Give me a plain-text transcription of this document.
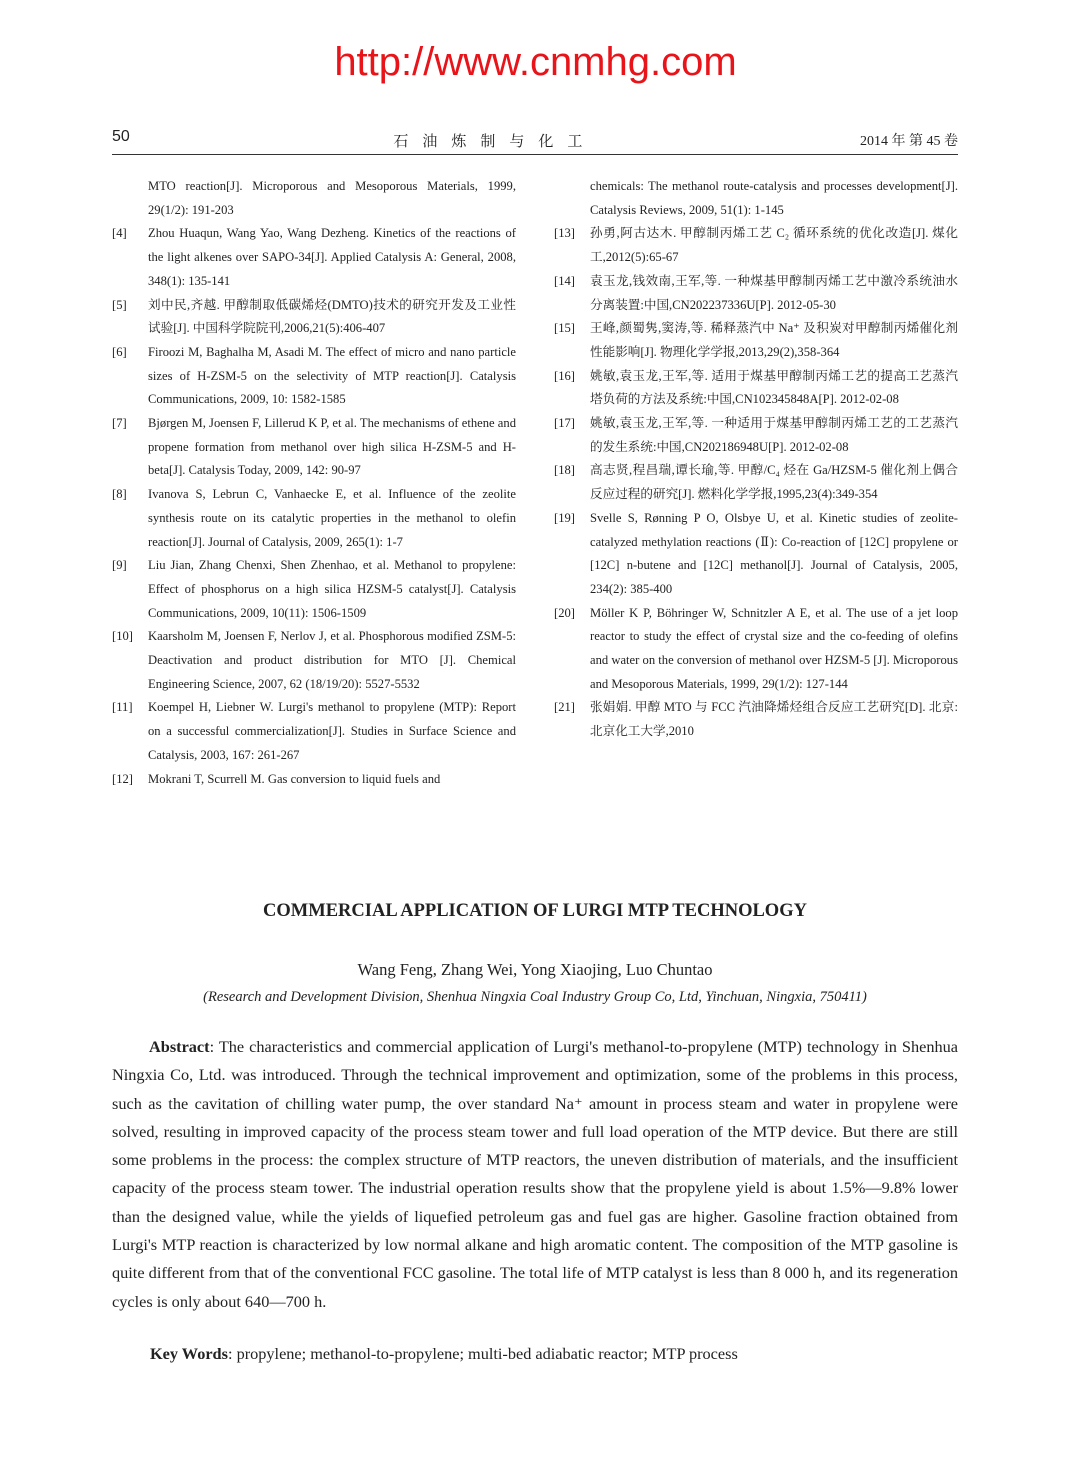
http://www.cnmhg.com
50	石油炼制与化工	2014 年 第 45 卷
MTO reaction[J]. Microporous and Mesoporous Materials, 1999, 29(1/2): 191-203
[4] Zhou Huaqun, Wang Yao, Wang Dezheng. Kinetics of the reactions of the light alkenes over SAPO-34[J]. Applied Catalysis A: General, 2008, 348(1): 135-141
[5] 刘中民,齐越. 甲醇制取低碳烯烃(DMTO)技术的研究开发及工业性试验[J]. 中国科学院院刊,2006,21(5):406-407
[6] Firoozi M, Baghalha M, Asadi M. The effect of micro and nano particle sizes of H-ZSM-5 on the selectivity of MTP reaction[J]. Catalysis Communications, 2009, 10: 1582-1585
[7] Bjørgen M, Joensen F, Lillerud K P, et al. The mechanisms of ethene and propene formation from methanol over high silica H-ZSM-5 and H-beta[J]. Catalysis Today, 2009, 142: 90-97
[8] Ivanova S, Lebrun C, Vanhaecke E, et al. Influence of the zeolite synthesis route on its catalytic properties in the methanol to olefin reaction[J]. Journal of Catalysis, 2009, 265(1): 1-7
[9] Liu Jian, Zhang Chenxi, Shen Zhenhao, et al. Methanol to propylene: Effect of phosphorus on a high silica HZSM-5 catalyst[J]. Catalysis Communications, 2009, 10(11): 1506-1509
[10] Kaarsholm M, Joensen F, Nerlov J, et al. Phosphorous modified ZSM-5: Deactivation and product distribution for MTO [J]. Chemical Engineering Science, 2007, 62 (18/19/20): 5527-5532
[11] Koempel H, Liebner W. Lurgi's methanol to propylene (MTP): Report on a successful commercialization[J]. Studies in Surface Science and Catalysis, 2003, 167: 261-267
[12] Mokrani T, Scurrell M. Gas conversion to liquid fuels and
chemicals: The methanol route-catalysis and processes development[J]. Catalysis Reviews, 2009, 51(1): 1-145
[13] 孙勇,阿古达木. 甲醇制丙烯工艺 C₂ 循环系统的优化改造[J]. 煤化工,2012(5):65-67
[14] 袁玉龙,钱效南,王军,等. 一种煤基甲醇制丙烯工艺中激冷系统油水分离装置:中国,CN202237336U[P]. 2012-05-30
[15] 王峰,颜蜀隽,窦涛,等. 稀释蒸汽中 Na⁺ 及积炭对甲醇制丙烯催化剂性能影响[J]. 物理化学学报,2013,29(2),358-364
[16] 姚敏,袁玉龙,王军,等. 适用于煤基甲醇制丙烯工艺的提高工艺蒸汽塔负荷的方法及系统:中国,CN102345848A[P]. 2012-02-08
[17] 姚敏,袁玉龙,王军,等. 一种适用于煤基甲醇制丙烯工艺的工艺蒸汽的发生系统:中国,CN202186948U[P]. 2012-02-08
[18] 高志贤,程昌瑞,谭长瑜,等. 甲醇/C₄ 烃在 Ga/HZSM-5 催化剂上偶合反应过程的研究[J]. 燃料化学学报,1995,23(4):349-354
[19] Svelle S, Rønning P O, Olsbye U, et al. Kinetic studies of zeolite-catalyzed methylation reactions (Ⅱ): Co-reaction of [12C] propylene or [12C] n-butene and [12C] methanol[J]. Journal of Catalysis, 2005, 234(2): 385-400
[20] Möller K P, Böhringer W, Schnitzler A E, et al. The use of a jet loop reactor to study the effect of crystal size and the co-feeding of olefins and water on the conversion of methanol over HZSM-5 [J]. Microporous and Mesoporous Materials, 1999, 29(1/2): 127-144
[21] 张娟娟. 甲醇 MTO 与 FCC 汽油降烯烃组合反应工艺研究[D]. 北京:北京化工大学,2010
COMMERCIAL APPLICATION OF LURGI MTP TECHNOLOGY
Wang Feng, Zhang Wei, Yong Xiaojing, Luo Chuntao
(Research and Development Division, Shenhua Ningxia Coal Industry Group Co, Ltd, Yinchuan, Ningxia, 750411)
Abstract: The characteristics and commercial application of Lurgi's methanol-to-propylene (MTP) technology in Shenhua Ningxia Co, Ltd. was introduced. Through the technical improvement and optimization, some of the problems in this process, such as the cavitation of chilling water pump, the over standard Na⁺ amount in process steam and water in propylene were solved, resulting in improved capacity of the process steam tower and full load operation of the MTP device. But there are still some problems in the process: the complex structure of MTP reactors, the uneven distribution of materials, and the insufficient capacity of the process steam tower. The industrial operation results show that the propylene yield is about 1.5%—9.8% lower than the designed value, while the yields of liquefied petroleum gas and fuel gas are higher. Gasoline fraction obtained from Lurgi's MTP reaction is characterized by low normal alkane and high aromatic content. The composition of the MTP gasoline is quite different from that of the conventional FCC gasoline. The total life of MTP catalyst is less than 8 000 h, and its regeneration cycles is only about 640—700 h.
Key Words: propylene; methanol-to-propylene; multi-bed adiabatic reactor; MTP process
